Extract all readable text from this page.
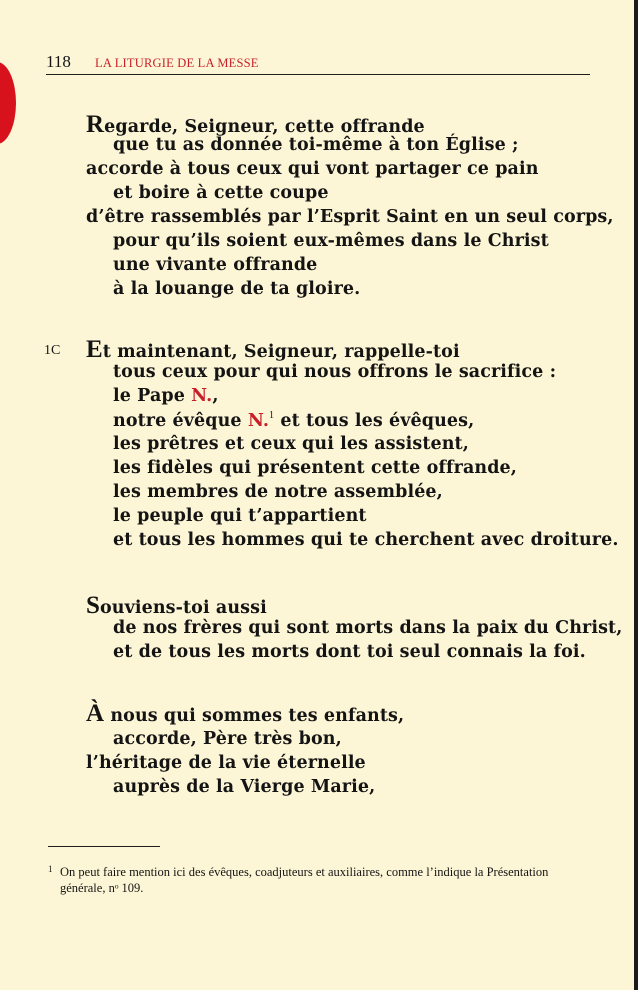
118 LA LITURGIE DE LA MESSE
Regarde, Seigneur, cette offrande
que tu as donnée toi-même à ton Église ;
accorde à tous ceux qui vont partager ce pain
et boire à cette coupe
d’être rassemblés par l’Esprit Saint en un seul corps,
pour qu’ils soient eux-mêmes dans le Christ
une vivante offrande
à la louange de ta gloire.
1C Et maintenant, Seigneur, rappelle-toi
tous ceux pour qui nous offrons le sacrifice :
le Pape N.,
notre évêque N.$^1$ et tous les évêques,
les prêtres et ceux qui les assistent,
les fidèles qui présentent cette offrande,
les membres de notre assemblée,
le peuple qui t’appartient
et tous les hommes qui te cherchent avec droiture.
Souviens-toi aussi
de nos frères qui sont morts dans la paix du Christ,
et de tous les morts dont toi seul connais la foi.
À nous qui sommes tes enfants,
accorde, Père très bon,
l’héritage de la vie éternelle
auprès de la Vierge Marie,
1 On peut faire mention ici des évêques, coadjuteurs et auxiliaires, comme l’indique la Présentation générale, nᵒ 109.
